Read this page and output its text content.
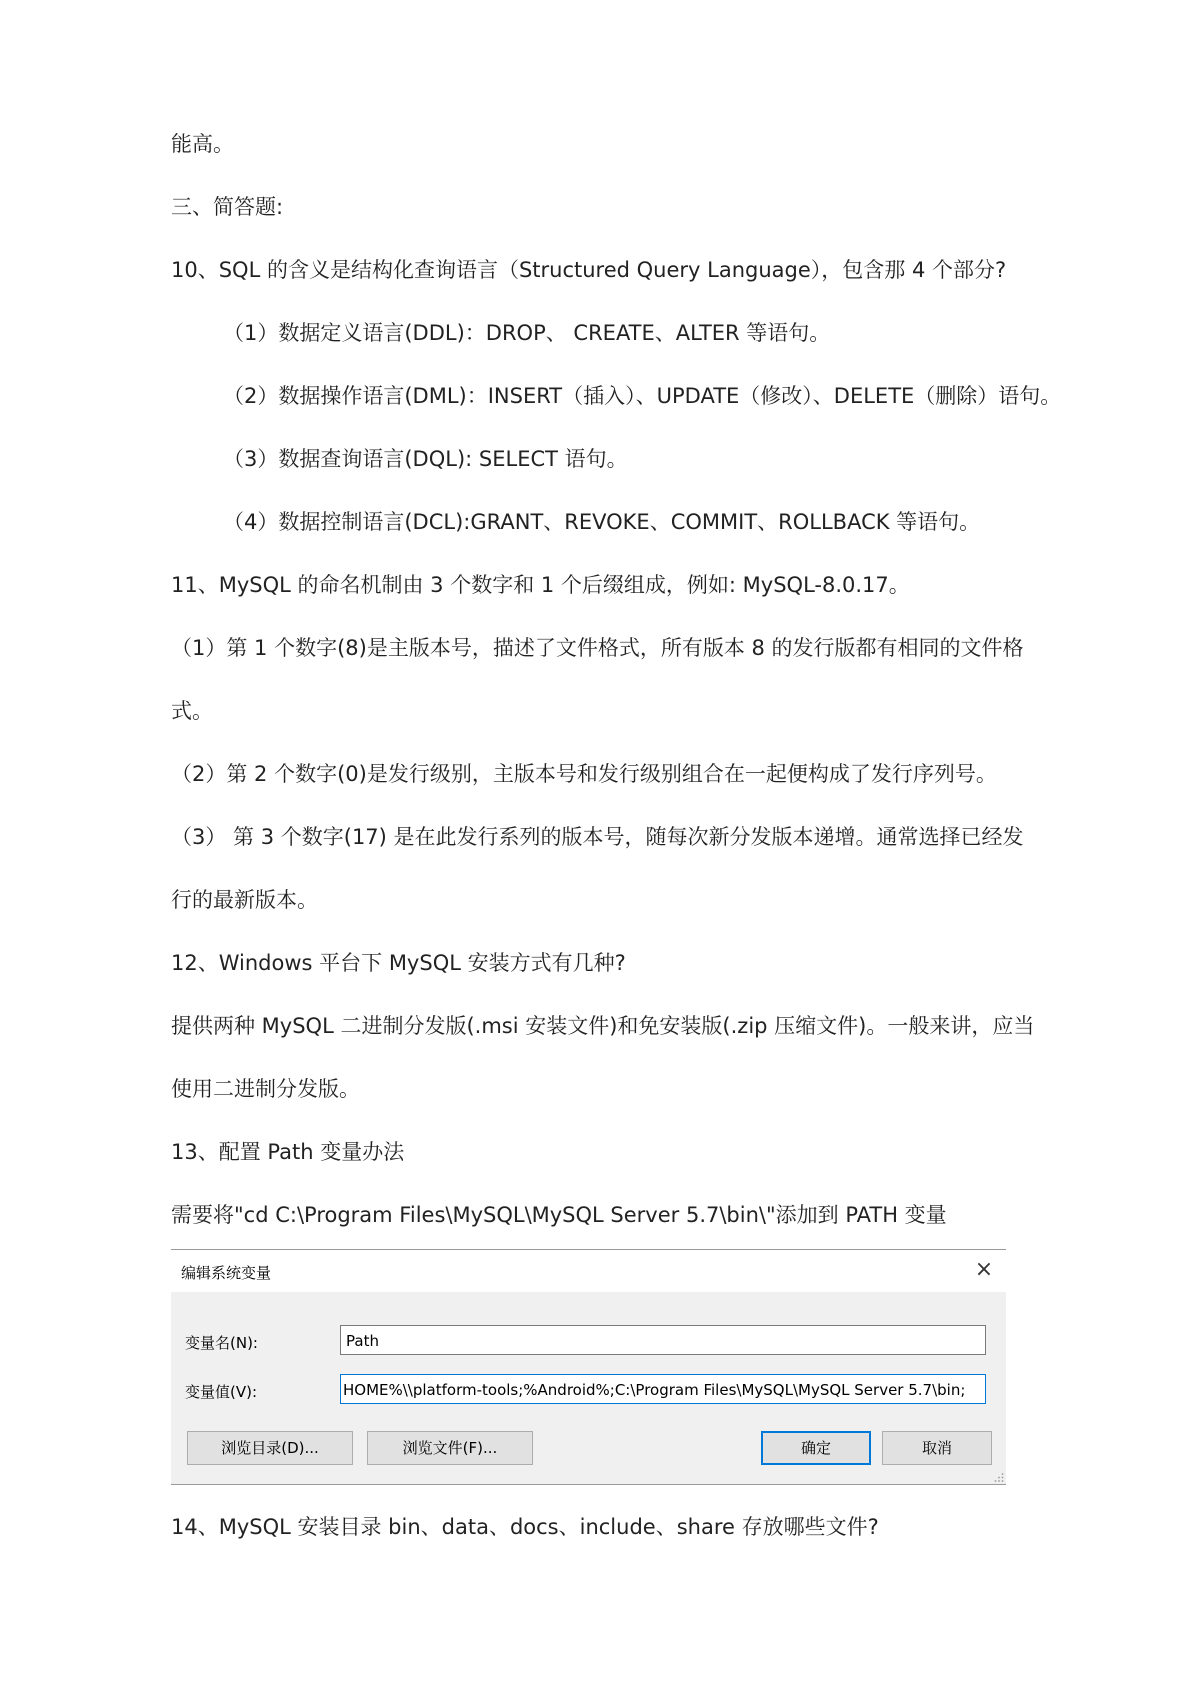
能高。
三、简答题:
10、SQL 的含义是结构化查询语言（Structured Query Language），包含那 4 个部分?
（1）数据定义语言(DDL)：DROP、 CREATE、ALTER 等语句。
（2）数据操作语言(DML)：INSERT（插入）、UPDATE（修改）、DELETE（删除）语句。
（3）数据查询语言(DQL): SELECT 语句。
（4）数据控制语言(DCL):GRANT、REVOKE、COMMIT、ROLLBACK 等语句。
11、MySQL 的命名机制由 3 个数字和 1 个后缀组成，例如: MySQL-8.0.17。
（1）第 1 个数字(8)是主版本号，描述了文件格式，所有版本 8 的发行版都有相同的文件格
式。
（2）第 2 个数字(0)是发行级别，主版本号和发行级别组合在一起便构成了发行序列号。
（3） 第 3 个数字(17) 是在此发行系列的版本号，随每次新分发版本递增。通常选择已经发
行的最新版本。
12、Windows 平台下 MySQL 安装方式有几种?
提供两种 MySQL 二进制分发版(.msi 安装文件)和免安装版(.zip 压缩文件)。一般来讲，应当
使用二进制分发版。
13、配置 Path 变量办法
需要将"cd C:\Program Files\MySQL\MySQL Server 5.7\bin\"添加到 PATH 变量
编辑系统变量	×
变量名(N):	Path
变量值(V):	HOME%\\platform-tools;%Android%;C:\Program Files\MySQL\MySQL Server 5.7\bin;
浏览目录(D)...	浏览文件(F)...	确定	取消
14、MySQL 安装目录 bin、data、docs、include、share 存放哪些文件?
